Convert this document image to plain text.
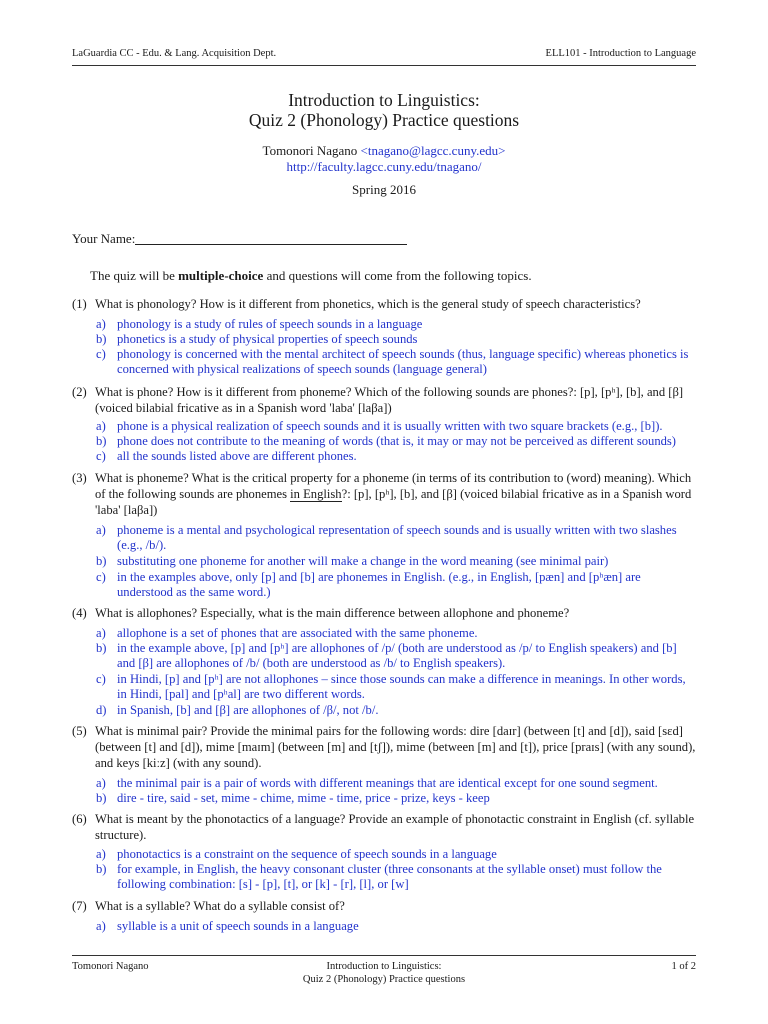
LaGuardia CC - Edu. & Lang. Acquisition Dept.	ELL101 - Introduction to Language
Introduction to Linguistics:
Quiz 2 (Phonology) Practice questions
Tomonori Nagano <tnagano@lagcc.cuny.edu>
http://faculty.lagcc.cuny.edu/tnagano/
Spring 2016
Your Name:
The quiz will be multiple-choice and questions will come from the following topics.
(1) What is phonology? How is it different from phonetics, which is the general study of speech characteristics?
a) phonology is a study of rules of speech sounds in a language
b) phonetics is a study of physical properties of speech sounds
c) phonology is concerned with the mental architect of speech sounds (thus, language specific) whereas phonetics is concerned with physical realizations of speech sounds (language general)
(2) What is phone? How is it different from phoneme? Which of the following sounds are phones?: [p], [pʰ], [b], and [β] (voiced bilabial fricative as in a Spanish word 'laba' [laβa])
a) phone is a physical realization of speech sounds and it is usually written with two square brackets (e.g., [b]).
b) phone does not contribute to the meaning of words (that is, it may or may not be perceived as different sounds)
c) all the sounds listed above are different phones.
(3) What is phoneme? What is the critical property for a phoneme (in terms of its contribution to (word) meaning). Which of the following sounds are phonemes in English?: [p], [pʰ], [b], and [β] (voiced bilabial fricative as in a Spanish word 'laba' [laβa])
a) phoneme is a mental and psychological representation of speech sounds and is usually written with two slashes (e.g., /b/).
b) substituting one phoneme for another will make a change in the word meaning (see minimal pair)
c) in the examples above, only [p] and [b] are phonemes in English. (e.g., in English, [pæn] and [pʰæn] are understood as the same word.)
(4) What is allophones? Especially, what is the main difference between allophone and phoneme?
a) allophone is a set of phones that are associated with the same phoneme.
b) in the example above, [p] and [pʰ] are allophones of /p/ (both are understood as /p/ to English speakers) and [b] and [β] are allophones of /b/ (both are understood as /b/ to English speakers).
c) in Hindi, [p] and [pʰ] are not allophones – since those sounds can make a difference in meanings. In other words, in Hindi, [pal] and [pʰal] are two different words.
d) in Spanish, [b] and [β] are allophones of /β/, not /b/.
(5) What is minimal pair? Provide the minimal pairs for the following words: dire [daɪr] (between [t] and [d]), said [sɛd] (between [t] and [d]), mime [maɪm] (between [m] and [tʃ]), mime (between [m] and [t]), price [praɪs] (with any sound), and keys [kiːz] (with any sound).
a) the minimal pair is a pair of words with different meanings that are identical except for one sound segment.
b) dire - tire, said - set, mime - chime, mime - time, price - prize, keys - keep
(6) What is meant by the phonotactics of a language? Provide an example of phonotactic constraint in English (cf. syllable structure).
a) phonotactics is a constraint on the sequence of speech sounds in a language
b) for example, in English, the heavy consonant cluster (three consonants at the syllable onset) must follow the following combination: [s] - [p], [t], or [k] - [r], [l], or [w]
(7) What is a syllable? What do a syllable consist of?
a) syllable is a unit of speech sounds in a language
Tomonori Nagano	Introduction to Linguistics:
Quiz 2 (Phonology) Practice questions
1 of 2
